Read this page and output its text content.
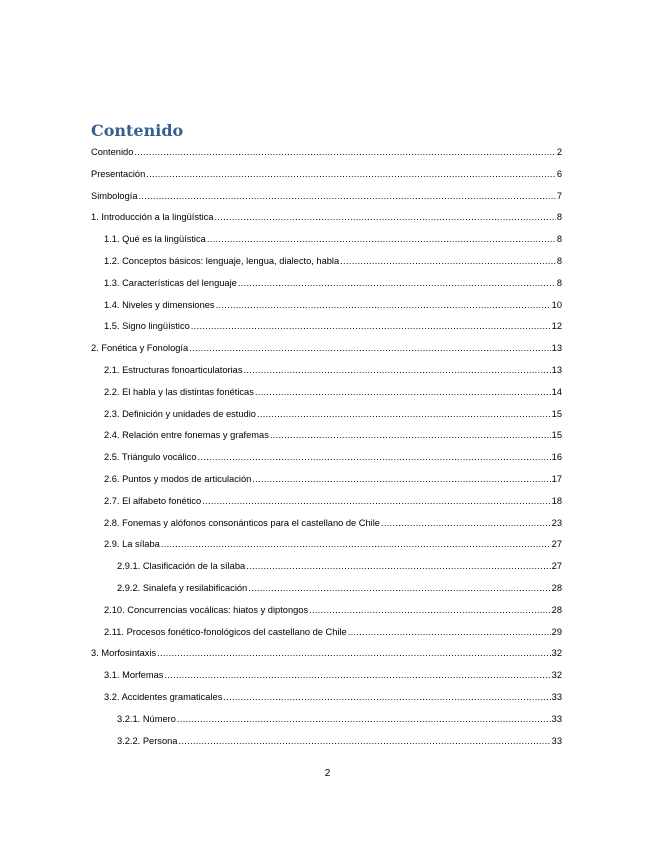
Contenido
Contenido .....	2
Presentación .....	6
Simbología .....	7
1. Introducción a la lingüística .....	8
1.1. Qué es la lingüística .....	8
1.2. Conceptos básicos: lenguaje, lengua, dialecto, habla .....	8
1.3. Características del lenguaje .....	8
1.4. Niveles y dimensiones .....	10
1.5. Signo lingüístico .....	12
2. Fonética y Fonología .....	13
2.1. Estructuras fonoarticulatorias .....	13
2.2. El habla y las distintas fonéticas .....	14
2.3. Definición y unidades de estudio .....	15
2.4. Relación entre fonemas y grafemas .....	15
2.5. Triángulo vocálico .....	16
2.6. Puntos y modos de articulación .....	17
2.7. El alfabeto fonético .....	18
2.8. Fonemas y alófonos consonánticos para el castellano de Chile .....	23
2.9. La sílaba .....	27
2.9.1. Clasificación de la sílaba .....	27
2.9.2. Sinalefa y resilabificación .....	28
2.10. Concurrencias vocálicas: hiatos y diptongos .....	28
2.11. Procesos fonético-fonológicos del castellano de Chile .....	29
3. Morfosintaxis .....	32
3.1. Morfemas .....	32
3.2. Accidentes gramaticales .....	33
3.2.1. Número .....	33
3.2.2. Persona .....	33
2
